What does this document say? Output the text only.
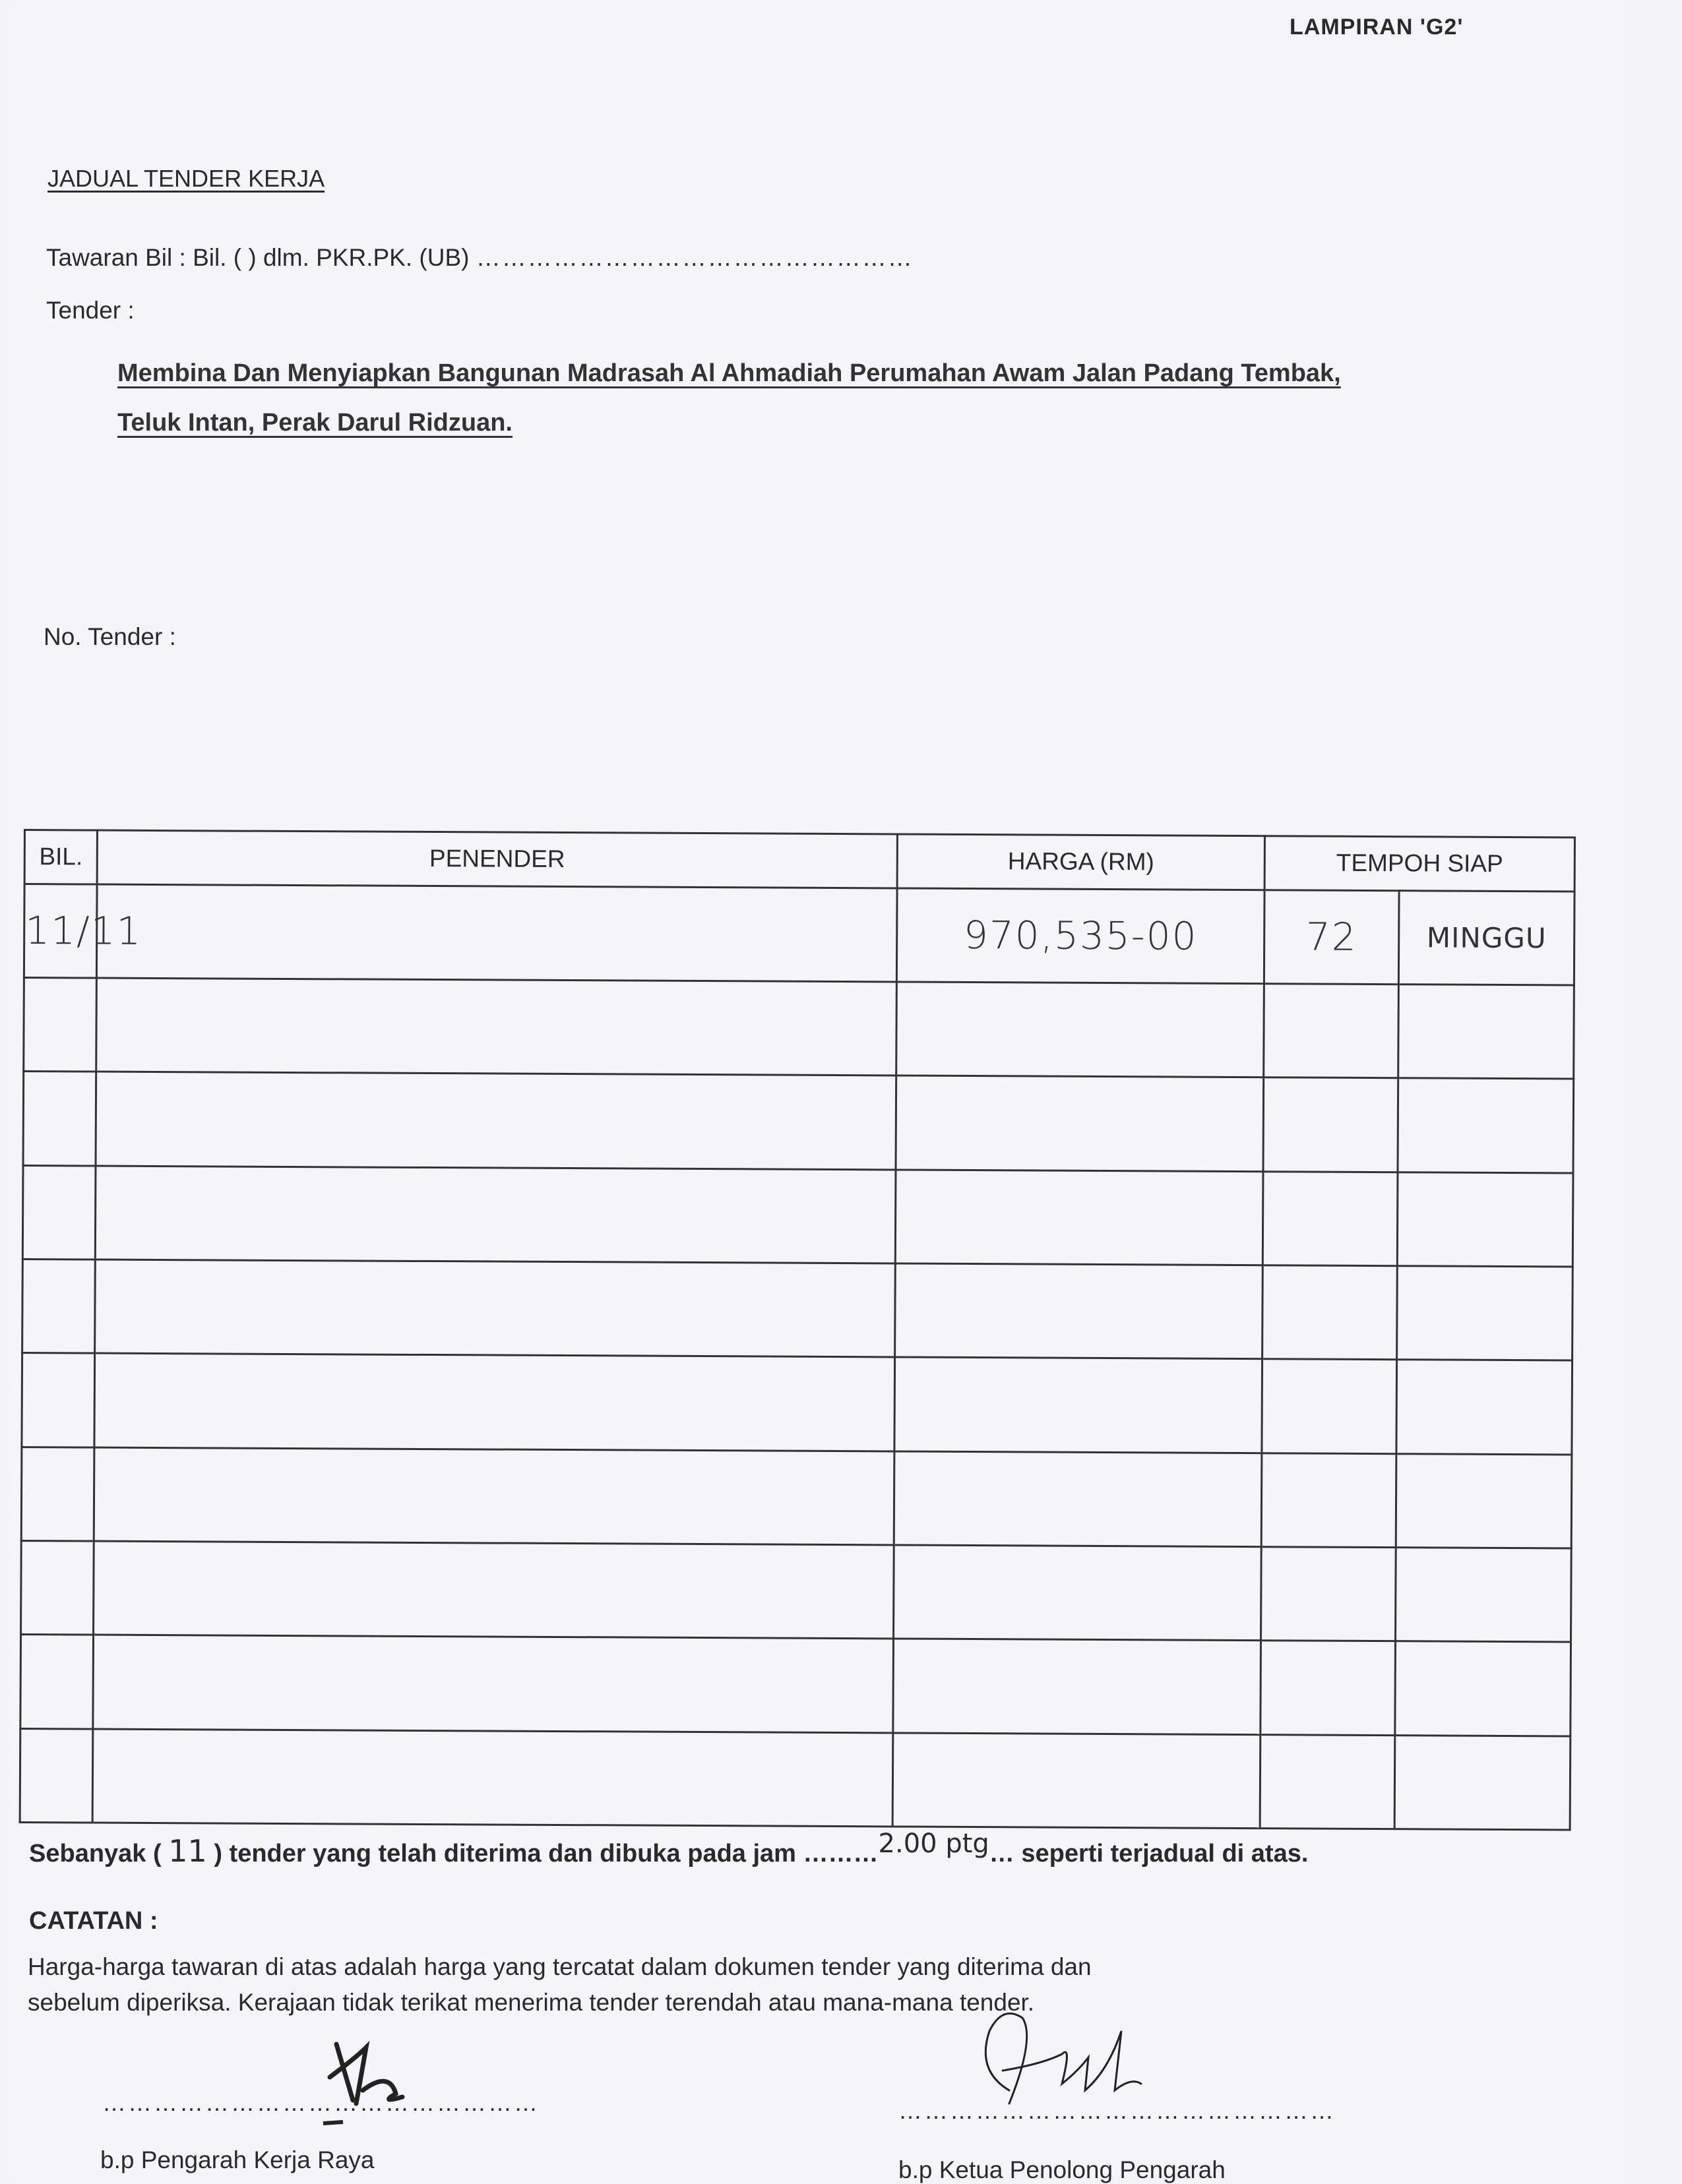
LAMPIRAN 'G2'
JADUAL TENDER KERJA
Tawaran Bil : Bil. ( ) dlm. PKR.PK. (UB) ……………………………………………
Tender :
Membina Dan Menyiapkan Bangunan Madrasah Al Ahmadiah Perumahan Awam Jalan Padang Tembak,
Teluk Intan, Perak Darul Ridzuan.
No. Tender :
BIL.	PENENDER	HARGA (RM)	TEMPOH SIAP	
11/11		970,535-00	72	MINGGU

Sebanyak ( 11 ) tender yang telah diterima dan dibuka pada jam ………2.00 ptg… seperti terjadual di atas.
CATATAN :
Harga-harga tawaran di atas adalah harga yang tercatat dalam dokumen tender yang diterima dan
sebelum diperiksa. Kerajaan tidak terikat menerima tender terendah atau mana-mana tender.
……………………………………………
b.p Pengarah Kerja Raya
……………………………………………
b.p Ketua Penolong Pengarah
